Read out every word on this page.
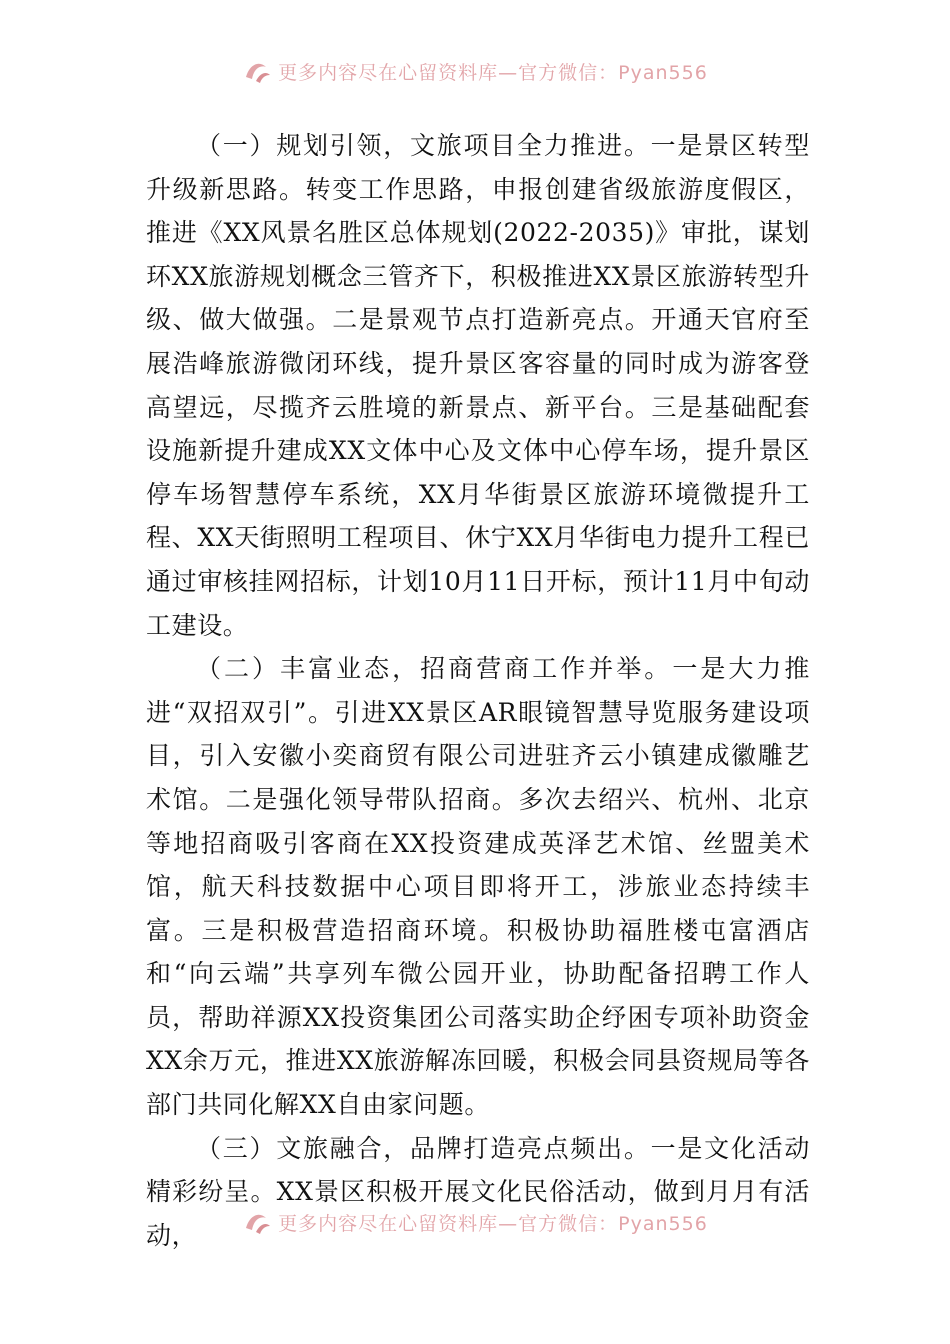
更多内容尽在心留资料库—官方微信：Pyan556

（一）规划引领，文旅项目全力推进。一是景区转型升级新思路。转变工作思路，申报创建省级旅游度假区，推进《XX风景名胜区总体规划(2022-2035)》审批，谋划环XX旅游规划概念三管齐下，积极推进XX景区旅游转型升级、做大做强。二是景观节点打造新亮点。开通天官府至展浩峰旅游微闭环线，提升景区客容量的同时成为游客登高望远，尽揽齐云胜境的新景点、新平台。三是基础配套设施新提升建成XX文体中心及文体中心停车场，提升景区停车场智慧停车系统，XX月华街景区旅游环境微提升工程、XX天街照明工程项目、休宁XX月华街电力提升工程已通过审核挂网招标，计划10月11日开标，预计11月中旬动工建设。

（二）丰富业态，招商营商工作并举。一是大力推进“双招双引”。引进XX景区AR眼镜智慧导览服务建设项目，引入安徽小奕商贸有限公司进驻齐云小镇建成徽雕艺术馆。二是强化领导带队招商。多次去绍兴、杭州、北京等地招商吸引客商在XX投资建成英泽艺术馆、丝盟美术馆，航天科技数据中心项目即将开工，涉旅业态持续丰富。三是积极营造招商环境。积极协助福胜楼屯富酒店和“向云端”共享列车微公园开业，协助配备招聘工作人员，帮助祥源XX投资集团公司落实助企纾困专项补助资金XX余万元，推进XX旅游解冻回暖，积极会同县资规局等各部门共同化解XX自由家问题。

（三）文旅融合，品牌打造亮点频出。一是文化活动精彩纷呈。XX景区积极开展文化民俗活动，做到月月有活动，	更多内容尽在心留资料库—官方微信：Pyan556
